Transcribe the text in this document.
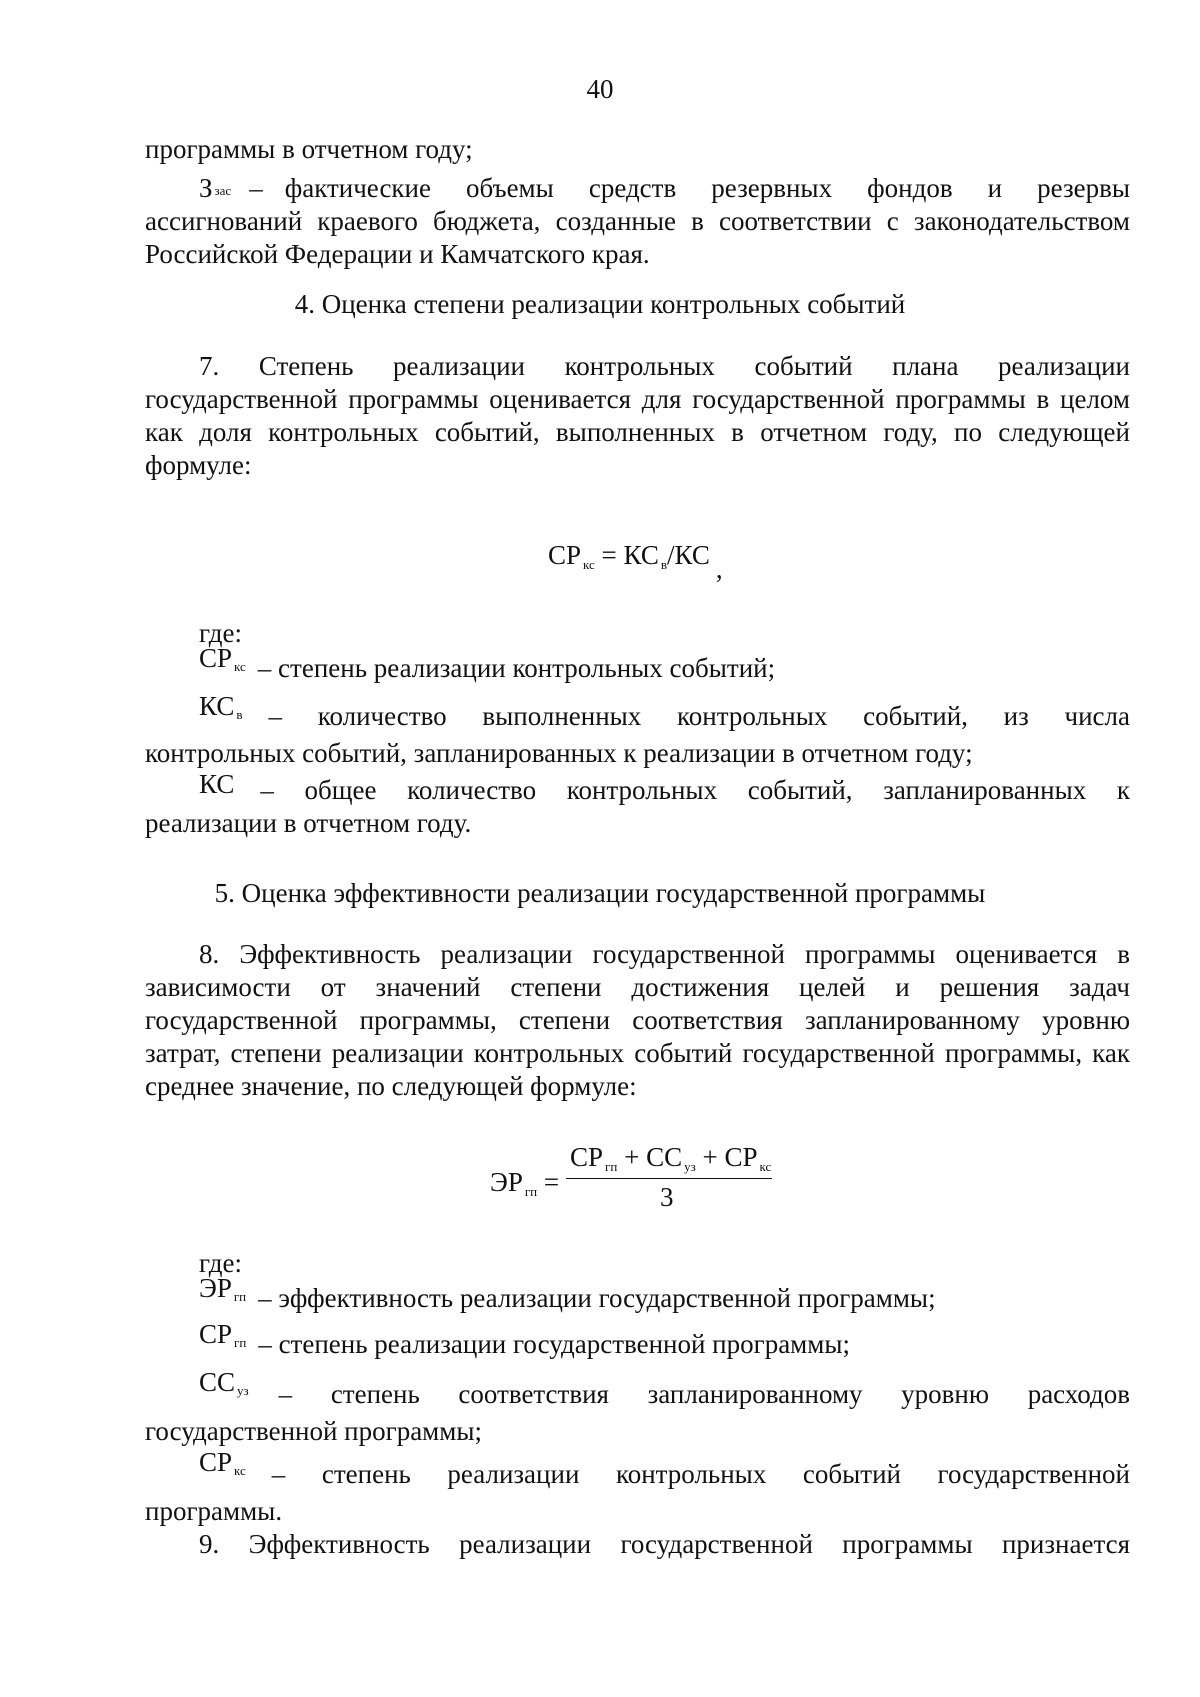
40
программы в отчетном году;
Ззас – фактические объемы средств резервных фондов и резервы
ассигнований краевого бюджета, созданные в соответствии с законодательством Российской Федерации и Камчатского края.
4. Оценка степени реализации контрольных событий
7. Степень реализации контрольных событий плана реализации государственной программы оценивается для государственной программы в целом как доля контрольных событий, выполненных в отчетном году, по следующей формуле:
СР кс = КС в/КС ,
где:
СР $^{кс}$ – степень реализации контрольных событий;
КС $^в$ – количество выполненных контрольных событий, из числа
контрольных событий, запланированных к реализации в отчетном году;
КС – общее количество контрольных событий, запланированных к
реализации в отчетном году.
5. Оценка эффективности реализации государственной программы
8. Эффективность реализации государственной программы оценивается в зависимости от значений степени достижения целей и решения задач государственной программы, степени соответствия запланированному уровню затрат, степени реализации контрольных событий государственной программы, как среднее значение, по следующей формуле:
ЭР гп =
СР гп + СС уз + СР кс
3
где:
ЭР $^{гп}$ – эффективность реализации государственной программы;
СР $^{гп}$ – степень реализации государственной программы;
СС $^{уз}$ – степень соответствия запланированному уровню расходов
государственной программы;
СР $^{кс}$ – степень реализации контрольных событий государственной
программы.
9. Эффективность реализации государственной программы признается
